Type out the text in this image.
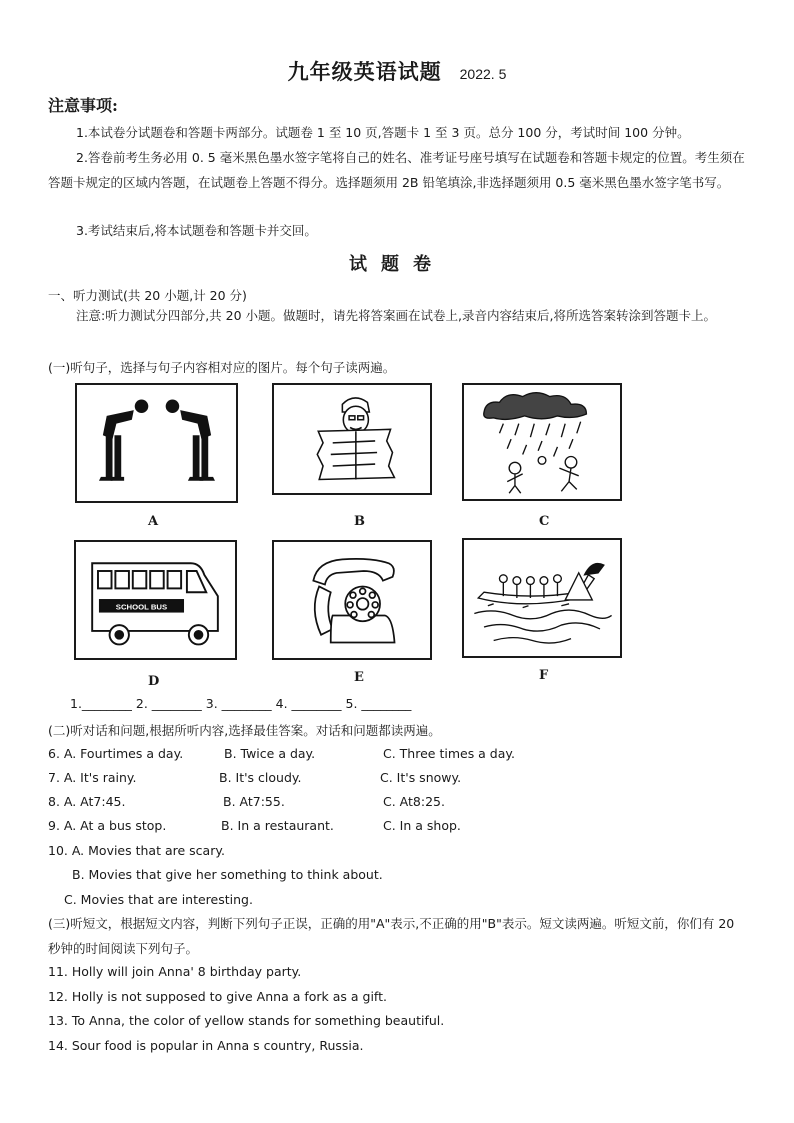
九年级英语试题 2022. 5
注意事项:
1.本试卷分试题卷和答题卡两部分。试题卷 1 至 10 页,答题卡 1 至 3 页。总分 100 分，考试时间 100 分钟。
2.答卷前考生务必用 0. 5 毫米黑色墨水签字笔将自己的姓名、准考证号座号填写在试题卷和答题卡规定的位置。考生须在答题卡规定的区域内答题，在试题卷上答题不得分。选择题须用 2B 铅笔填涂,非选择题须用 0.5 毫米黑色墨水签字笔书写。
3.考试结束后,将本试题卷和答题卡并交回。
试题卷
一、听力测试(共 20 小题,计 20 分)
注意:听力测试分四部分,共 20 小题。做题时，请先将答案画在试卷上,录音内容结束后,将所选答案转涂到答题卡上。
(一)听句子，选择与句子内容相对应的图片。每个句子读两遍。
A	B	C
SCHOOL BUS
D	E	F
1.________ 2. ________ 3. ________ 4. ________ 5. ________
(二)听对话和问题,根据所听内容,选择最佳答案。对话和问题都读两遍。
6. A. Fourtimes a day.	B. Twice a day.	C. Three times a day.
7. A. It's rainy.	B. It's cloudy.	C. It's snowy.
8. A. At7:45.	B. At7:55.	C. At8:25.
9. A. At a bus stop.	B. In a restaurant.	C. In a shop.
10. A. Movies that are scary.
B. Movies that give her something to think about.
C. Movies that are interesting.
(三)听短文，根据短文内容，判断下列句子正误，正确的用"A"表示,不正确的用"B"表示。短文读两遍。听短文前，你们有 20 秒钟的时间阅读下列句子。
11. Holly will join Anna' 8 birthday party.
12. Holly is not supposed to give Anna a fork as a gift.
13. To Anna, the color of yellow stands for something beautiful.
14. Sour food is popular in Anna s country, Russia.
